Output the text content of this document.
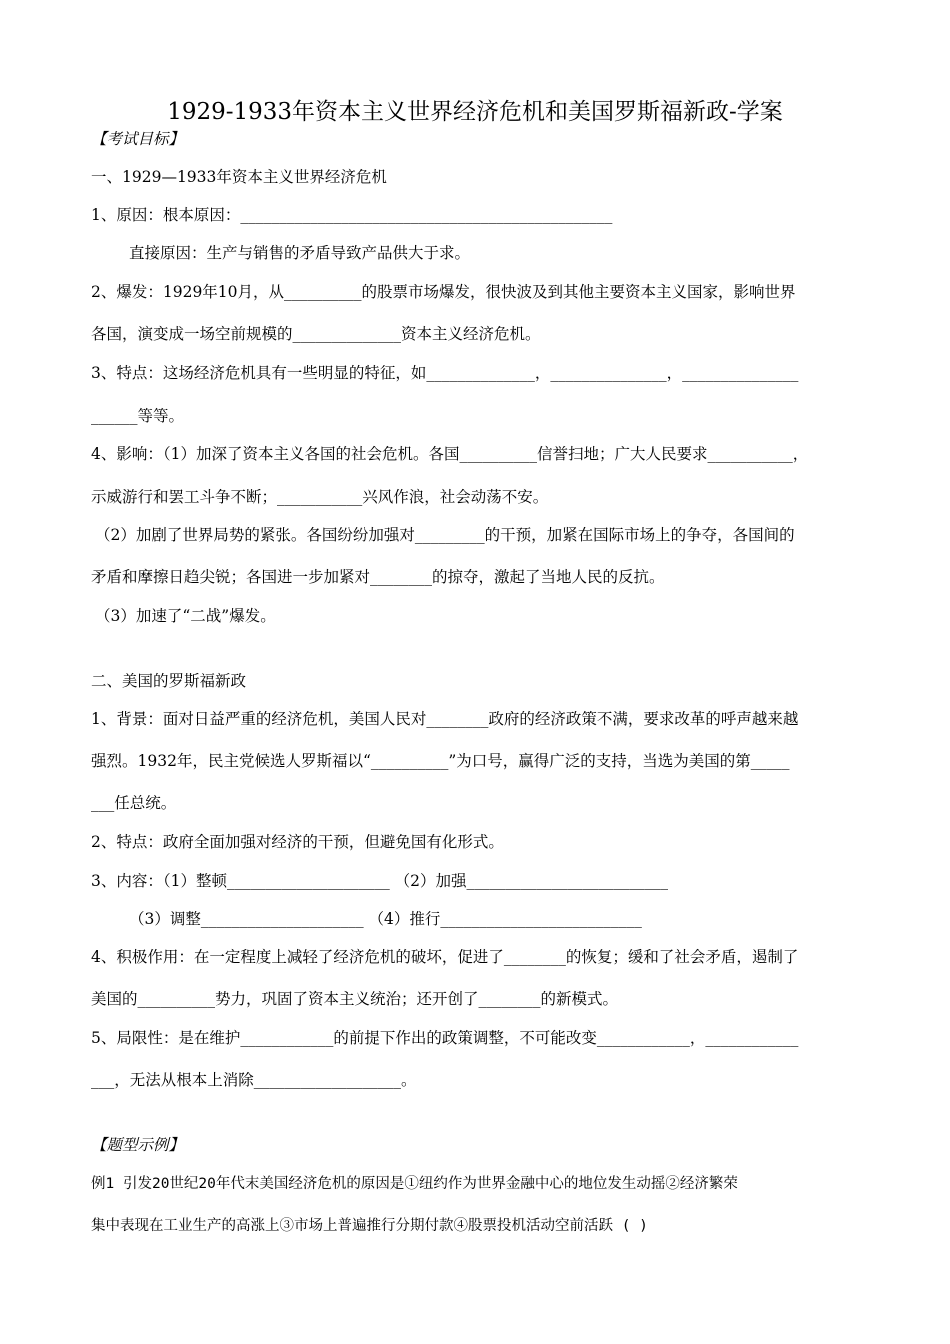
1929-1933年资本主义世界经济危机和美国罗斯福新政-学案
【考试目标】
一、1929—1933年资本主义世界经济危机
1、原因：根本原因：________________________________________________
直接原因：生产与销售的矛盾导致产品供大于求。
2、爆发：1929年10月，从__________的股票市场爆发，很快波及到其他主要资本主义国家，影响世界
各国，演变成一场空前规模的______________资本主义经济危机。
3、特点：这场经济危机具有一些明显的特征，如______________，_______________，_______________
______等等。
4、影响：（1）加深了资本主义各国的社会危机。各国__________信誉扫地；广大人民要求___________，
示威游行和罢工斗争不断；___________兴风作浪，社会动荡不安。
（2）加剧了世界局势的紧张。各国纷纷加强对_________的干预，加紧在国际市场上的争夺，各国间的
矛盾和摩擦日趋尖锐；各国进一步加紧对________的掠夺，激起了当地人民的反抗。
（3）加速了“二战”爆发。
二、美国的罗斯福新政
1、背景：面对日益严重的经济危机，美国人民对________政府的经济政策不满，要求改革的呼声越来越
强烈。1932年，民主党候选人罗斯福以“__________”为口号，赢得广泛的支持，当选为美国的第_____
___任总统。
2、特点：政府全面加强对经济的干预，但避免国有化形式。
3、内容：（1）整顿_____________________ （2）加强__________________________
（3）调整_____________________ （4）推行__________________________
4、积极作用：在一定程度上减轻了经济危机的破坏，促进了________的恢复；缓和了社会矛盾，遏制了
美国的__________势力，巩固了资本主义统治；还开创了________的新模式。
5、局限性：是在维护____________的前提下作出的政策调整，不可能改变____________，____________
___，无法从根本上消除___________________。
【题型示例】
例1 引发20世纪20年代末美国经济危机的原因是①纽约作为世界金融中心的地位发生动摇②经济繁荣
集中表现在工业生产的高涨上③市场上普遍推行分期付款④股票投机活动空前活跃 ( )
